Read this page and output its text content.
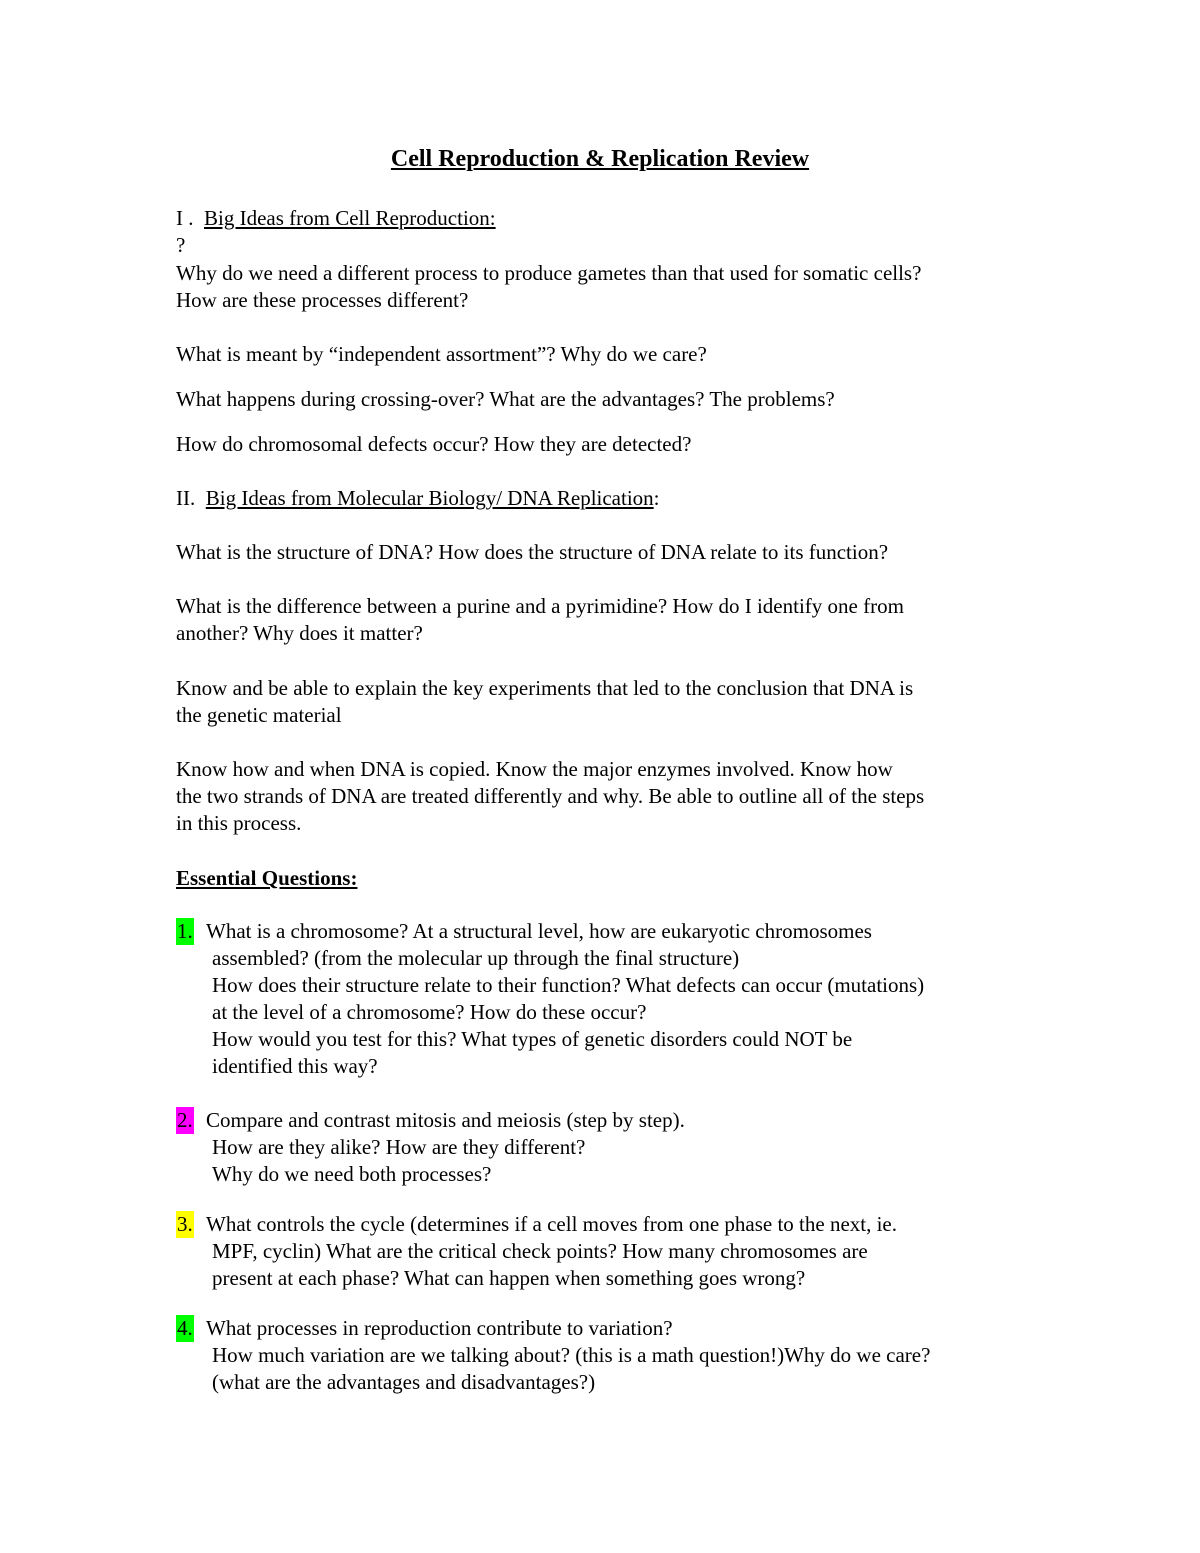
Cell Reproduction & Replication Review
I . Big Ideas from Cell Reproduction:
?
Why do we need a different process to produce gametes than that used for somatic cells?
How are these processes different?
What is meant by “independent assortment”? Why do we care?
What happens during crossing-over? What are the advantages? The problems?
How do chromosomal defects occur? How they are detected?
II. Big Ideas from Molecular Biology/ DNA Replication:
What is the structure of DNA? How does the structure of DNA relate to its function?
What is the difference between a purine and a pyrimidine? How do I identify one from
another? Why does it matter?
Know and be able to explain the key experiments that led to the conclusion that DNA is
the genetic material
Know how and when DNA is copied. Know the major enzymes involved. Know how
the two strands of DNA are treated differently and why. Be able to outline all of the steps
in this process.
Essential Questions:
1. What is a chromosome? At a structural level, how are eukaryotic chromosomes
assembled? (from the molecular up through the final structure)
How does their structure relate to their function? What defects can occur (mutations)
at the level of a chromosome? How do these occur?
How would you test for this? What types of genetic disorders could NOT be
identified this way?
2. Compare and contrast mitosis and meiosis (step by step).
How are they alike? How are they different?
Why do we need both processes?
3. What controls the cycle (determines if a cell moves from one phase to the next, ie.
MPF, cyclin) What are the critical check points? How many chromosomes are
present at each phase? What can happen when something goes wrong?
4. What processes in reproduction contribute to variation?
How much variation are we talking about? (this is a math question!)Why do we care?
(what are the advantages and disadvantages?)
